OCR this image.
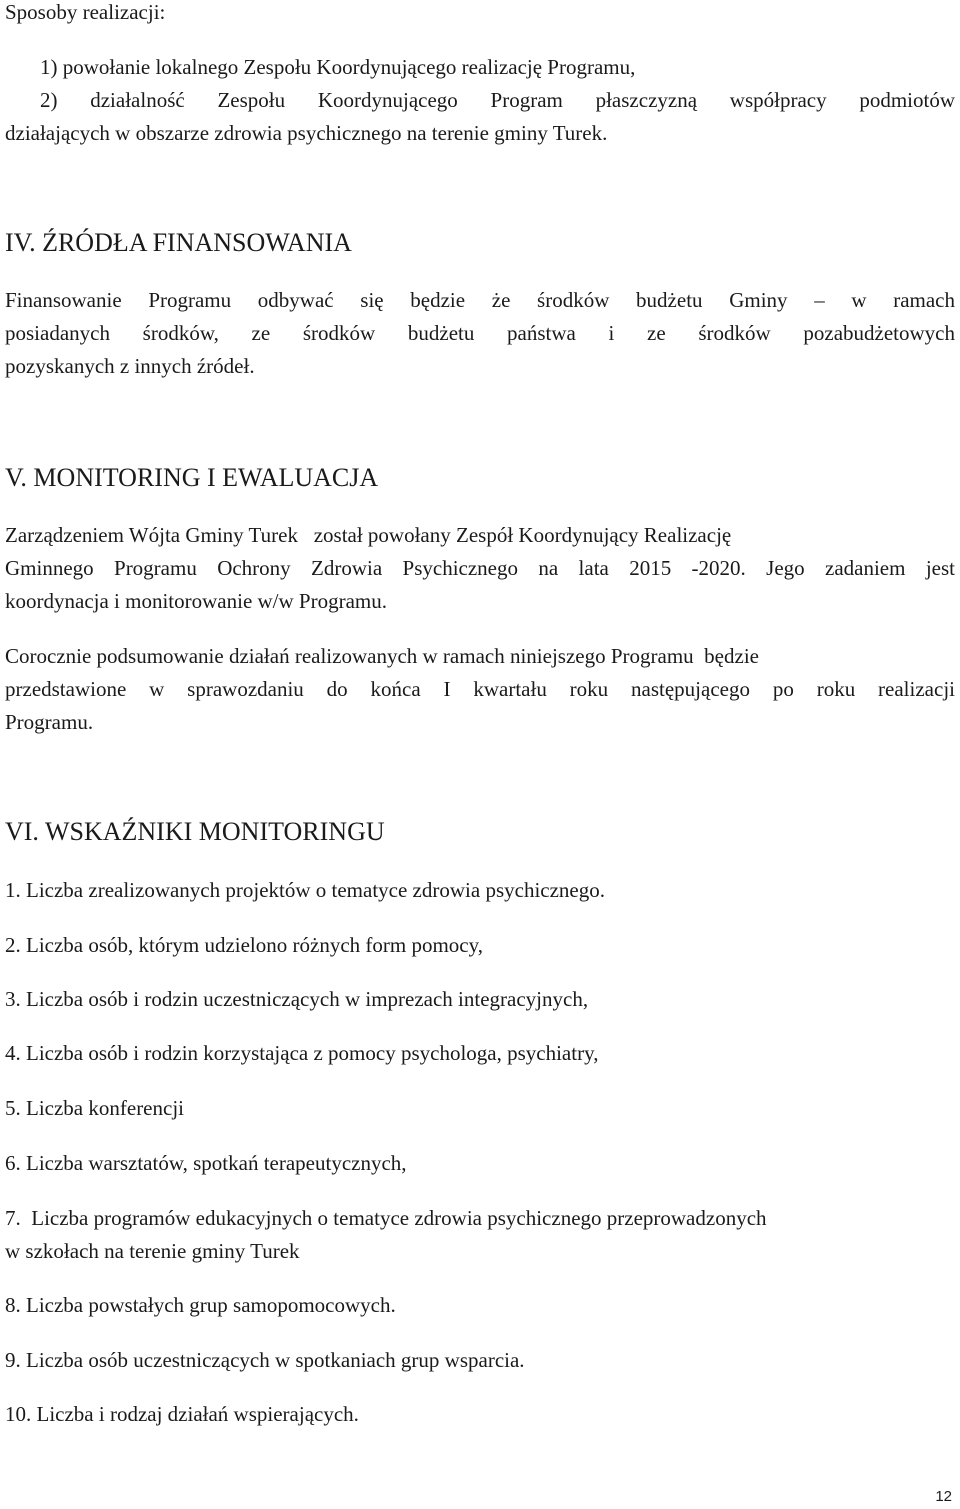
Sposoby realizacji:

1) powołanie lokalnego Zespołu Koordynującego realizację Programu,

2) działalność Zespołu Koordynującego Program płaszczyzną współpracy podmiotów

działających w obszarze zdrowia psychicznego na terenie gminy Turek.

IV. ŹRÓDŁA FINANSOWANIA

Finansowanie Programu odbywać się będzie że środków budżetu Gminy – w ramach

posiadanych środków, ze środków budżetu państwa i ze środków pozabudżetowych

pozyskanych z innych źródeł.

V. MONITORING I EWALUACJA

Zarządzeniem Wójta Gminy Turek   został powołany Zespół Koordynujący Realizację

Gminnego Programu Ochrony Zdrowia Psychicznego na lata 2015 -2020. Jego zadaniem jest

koordynacja i monitorowanie w/w Programu.

Corocznie podsumowanie działań realizowanych w ramach niniejszego Programu  będzie

przedstawione w sprawozdaniu do końca I kwartału roku następującego po roku realizacji

Programu.

VI. WSKAŹNIKI MONITORINGU

1. Liczba zrealizowanych projektów o tematyce zdrowia psychicznego.

2. Liczba osób, którym udzielono różnych form pomocy,

3. Liczba osób i rodzin uczestniczących w imprezach integracyjnych,

4. Liczba osób i rodzin korzystająca z pomocy psychologa, psychiatry,

5. Liczba konferencji

6. Liczba warsztatów, spotkań terapeutycznych,

7.  Liczba programów edukacyjnych o tematyce zdrowia psychicznego przeprowadzonych

w szkołach na terenie gminy Turek

8. Liczba powstałych grup samopomocowych.

9. Liczba osób uczestniczących w spotkaniach grup wsparcia.

10. Liczba i rodzaj działań wspierających.

12
